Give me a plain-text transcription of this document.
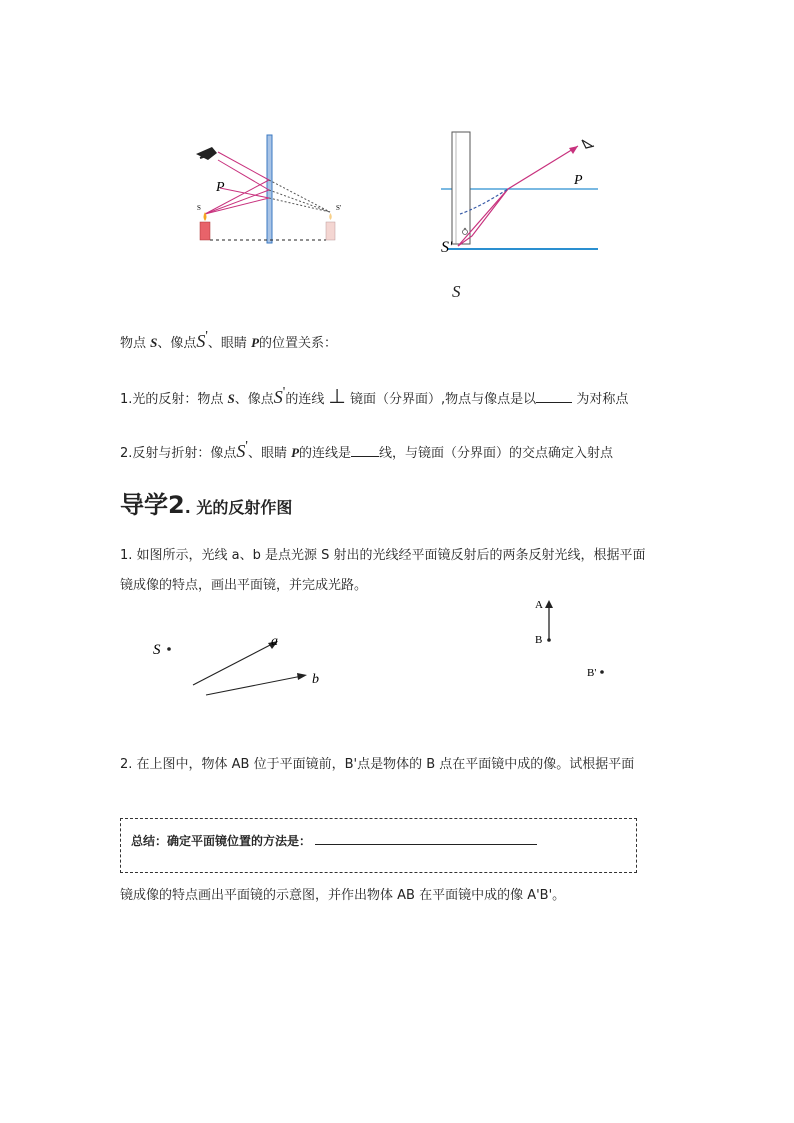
P
S	S'
P
S'
S
物点 S、像点S'、眼睛 P的位置关系：
1.光的反射：物点 S、像点S'的连线 ⊥ 镜面（分界面）,物点与像点是以	为对称点
2.反射与折射：像点S'、眼睛 P的连线是 线，与镜面（分界面）的交点确定入射点
导学2. 光的反射作图
1. 如图所示，光线 a、b 是点光源 S 射出的光线经平面镜反射后的两条反射光线，根据平面
镜成像的特点，画出平面镜，并完成光路。
S
a
b
A
B
B'
2. 在上图中，物体 AB 位于平面镜前，B'点是物体的 B 点在平面镜中成的像。试根据平面
总结：确定平面镜位置的方法是：
镜成像的特点画出平面镜的示意图，并作出物体 AB 在平面镜中成的像 A'B'。
